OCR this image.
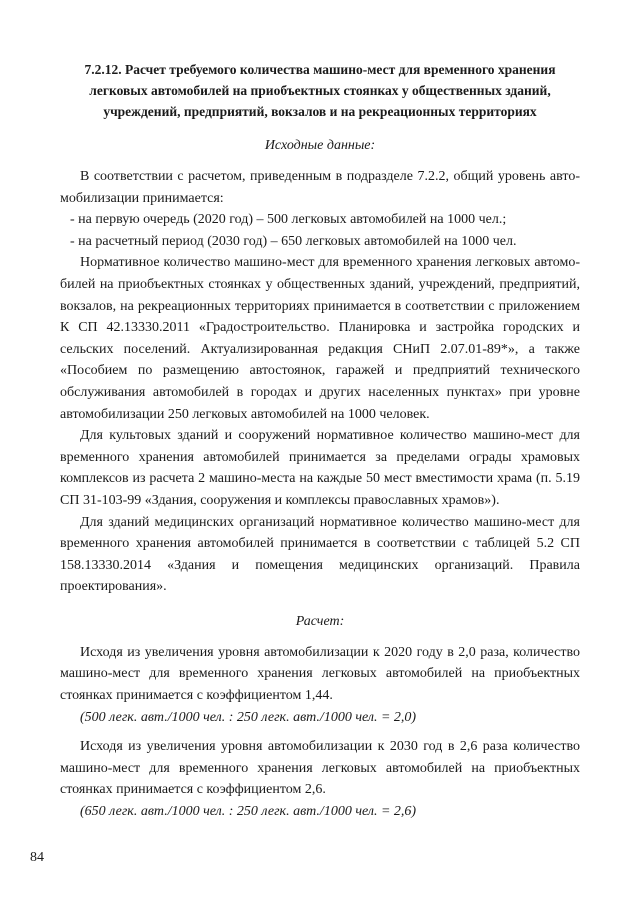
7.2.12. Расчет требуемого количества машино-мест для временного хранения легковых автомобилей на приобъектных стоянках у общественных зданий, учреждений, предприятий, вокзалов и на рекреационных территориях
Исходные данные:

В соответствии с расчетом, приведенным в подразделе 7.2.2, общий уровень автомобилизации принимается:

- на первую очередь (2020 год) – 500 легковых автомобилей на 1000 чел.;

- на расчетный период (2030 год) – 650 легковых автомобилей на 1000 чел.

Нормативное количество машино-мест для временного хранения легковых автомобилей на приобъектных стоянках у общественных зданий, учреждений, предприятий, вокзалов, на рекреационных территориях принимается в соответствии с приложением К СП 42.13330.2011 «Градостроительство. Планировка и застройка городских и сельских поселений. Актуализированная редакция СНиП 2.07.01-89*», а также «Пособием по размещению автостоянок, гаражей и предприятий технического обслуживания автомобилей в городах и других населенных пунктах» при уровне автомобилизации 250 легковых автомобилей на 1000 человек.

Для культовых зданий и сооружений нормативное количество машино-мест для временного хранения автомобилей принимается за пределами ограды храмовых комплексов из расчета 2 машино-места на каждые 50 мест вместимости храма (п. 5.19 СП 31-103-99 «Здания, сооружения и комплексы православных храмов»).

Для зданий медицинских организаций нормативное количество машино-мест для временного хранения автомобилей принимается в соответствии с таблицей 5.2 СП 158.13330.2014 «Здания и помещения медицинских организаций. Правила проектирования».

Расчет:

Исходя из увеличения уровня автомобилизации к 2020 году в 2,0 раза, количество машино-мест для временного хранения легковых автомобилей на приобъектных стоянках принимается с коэффициентом 1,44.

(500 легк. авт./1000 чел. : 250 легк. авт./1000 чел. = 2,0)

Исходя из увеличения уровня автомобилизации к 2030 год в 2,6 раза количество машино-мест для временного хранения легковых автомобилей на приобъектных стоянках принимается с коэффициентом 2,6.

(650 легк. авт./1000 чел. : 250 легк. авт./1000 чел. = 2,6)

84
